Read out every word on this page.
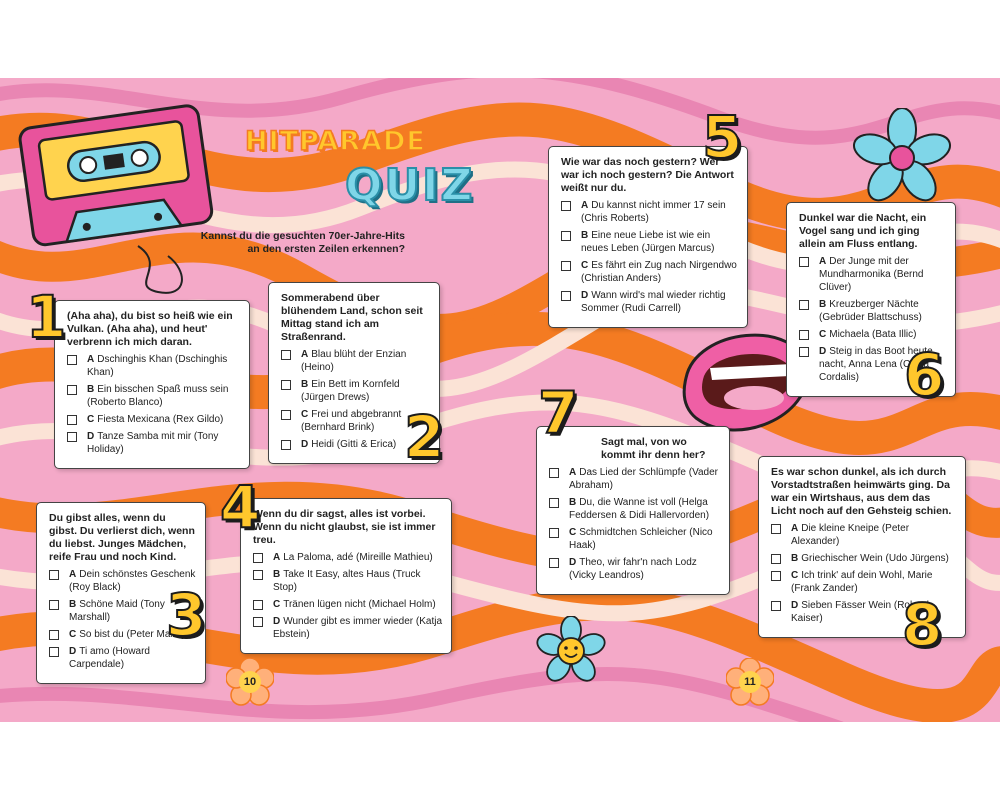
HITPARADE
QUIZ
Kannst du die gesuchten 70er-Jahre-Hits an den ersten Zeilen erkennen?
(Aha aha), du bist so heiß wie ein Vulkan. (Aha aha), und heut' verbrenn ich mich daran.
A Dschinghis Khan (Dschinghis Khan)
B Ein bisschen Spaß muss sein (Roberto Blanco)
C Fiesta Mexicana (Rex Gildo)
D Tanze Samba mit mir (Tony Holiday)
1	Sommerabend über blühendem Land, schon seit Mittag stand ich am Straßenrand.
A Blau blüht der Enzian (Heino)
B Ein Bett im Kornfeld (Jürgen Drews)
C Frei und abgebrannt (Bernhard Brink)
D Heidi (Gitti & Erica) 2
Du gibst alles, wenn du gibst. Du verlierst dich, wenn du liebst. Junges Mädchen, reife Frau und noch Kind.
A Dein schönstes Geschenk (Roy Black)
B Schöne Maid (Tony Marshall)
C So bist du (Peter Maffay)
D Ti amo (Howard Carpendale)
3
Wenn du dir sagst, alles ist vorbei. Wenn du nicht glaubst, sie ist immer treu.
A La Paloma, adé (Mireille Mathieu)
B Take It Easy, altes Haus (Truck Stop)
C Tränen lügen nicht (Michael Holm)
D Wunder gibt es immer wieder (Katja Ebstein)
4
Wie war das noch gestern? Wer war ich noch gestern? Die Antwort weißt nur du.
A Du kannst nicht immer 17 sein (Chris Roberts)
B Eine neue Liebe ist wie ein neues Leben (Jürgen Marcus)
C Es fährt ein Zug nach Nirgendwo (Christian Anders)
D Wann wird's mal wieder richtig Sommer (Rudi Carrell)
5
Dunkel war die Nacht, ein Vogel sang und ich ging allein am Fluss entlang.
A Der Junge mit der Mundharmonika (Bernd Clüver)
B Kreuzberger Nächte (Gebrüder Blattschuss)
C Michaela (Bata Illic)
D Steig in das Boot heute nacht, Anna Lena (Costa Cordalis) 6
Sagt mal, von wo kommt ihr denn her?
A Das Lied der Schlümpfe (Vader Abraham)
B Du, die Wanne ist voll (Helga Feddersen & Didi Hallervorden)
C Schmidtchen Schleicher (Nico Haak)
D Theo, wir fahr'n nach Lodz (Vicky Leandros)
7
Es war schon dunkel, als ich durch Vorstadtstraßen heimwärts ging. Da war ein Wirtshaus, aus dem das Licht noch auf den Gehsteig schien.
A Die kleine Kneipe (Peter Alexander)
B Griechischer Wein (Udo Jürgens)
C Ich trink' auf dein Wohl, Marie (Frank Zander)
D Sieben Fässer Wein (Roland Kaiser)	8
10	11
